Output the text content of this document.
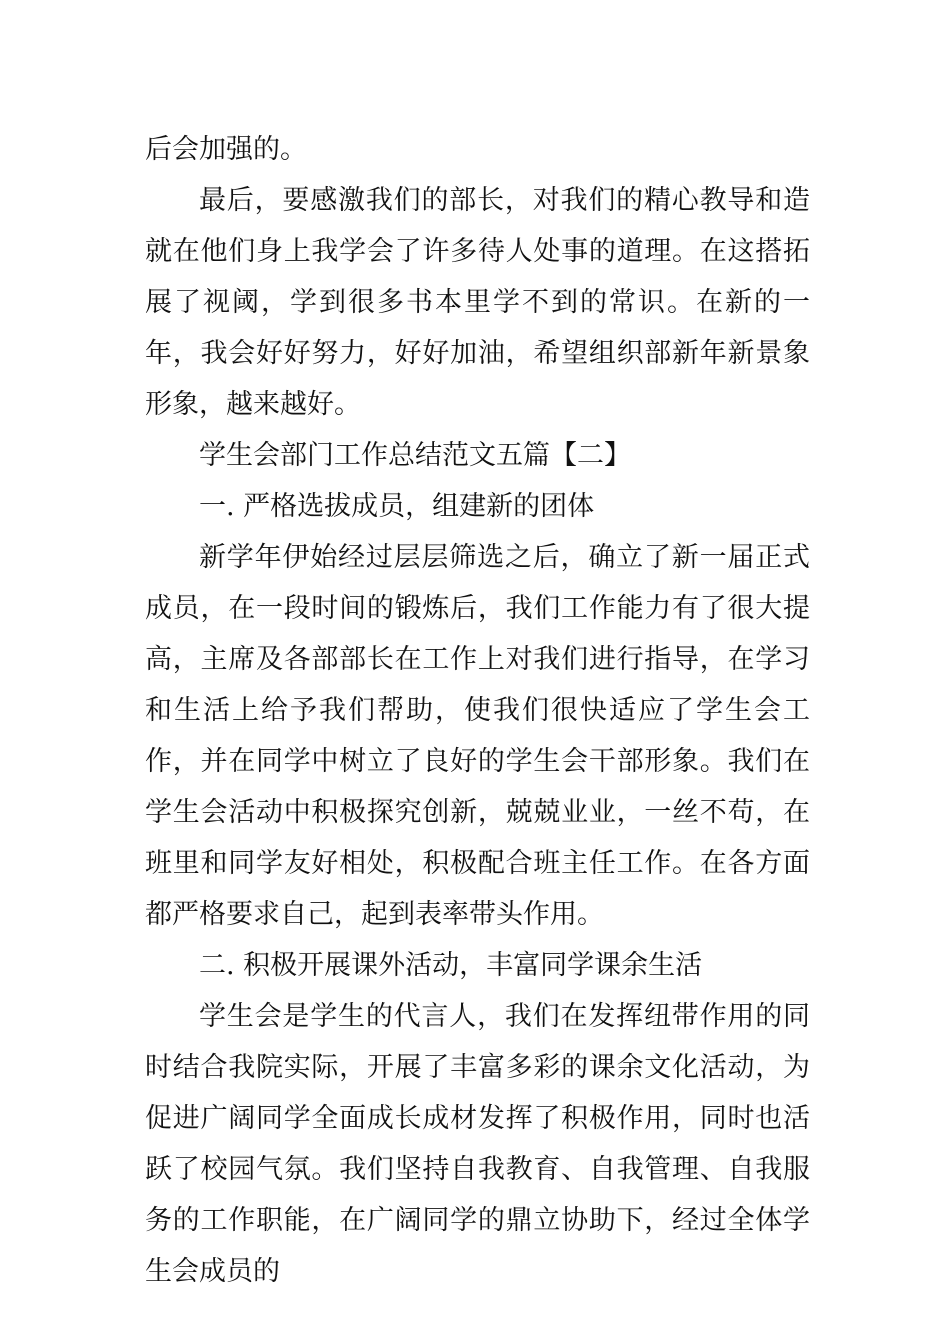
后会加强的。

最后，要感激我们的部长，对我们的精心教导和造就在他们身上我学会了许多待人处事的道理。在这搭拓展了视阈，学到很多书本里学不到的常识。在新的一年，我会好好努力，好好加油，希望组织部新年新景象形象，越来越好。

学生会部门工作总结范文五篇【二】

一. 严格选拔成员，组建新的团体

新学年伊始经过层层筛选之后，确立了新一届正式成员，在一段时间的锻炼后，我们工作能力有了很大提高，主席及各部部长在工作上对我们进行指导，在学习和生活上给予我们帮助，使我们很快适应了学生会工作，并在同学中树立了良好的学生会干部形象。我们在学生会活动中积极探究创新，兢兢业业，一丝不苟，在班里和同学友好相处，积极配合班主任工作。在各方面都严格要求自己，起到表率带头作用。

二. 积极开展课外活动，丰富同学课余生活

学生会是学生的代言人，我们在发挥纽带作用的同时结合我院实际，开展了丰富多彩的课余文化活动，为促进广阔同学全面成长成材发挥了积极作用，同时也活跃了校园气氛。我们坚持自我教育、自我管理、自我服务的工作职能，在广阔同学的鼎立协助下，经过全体学生会成员的
